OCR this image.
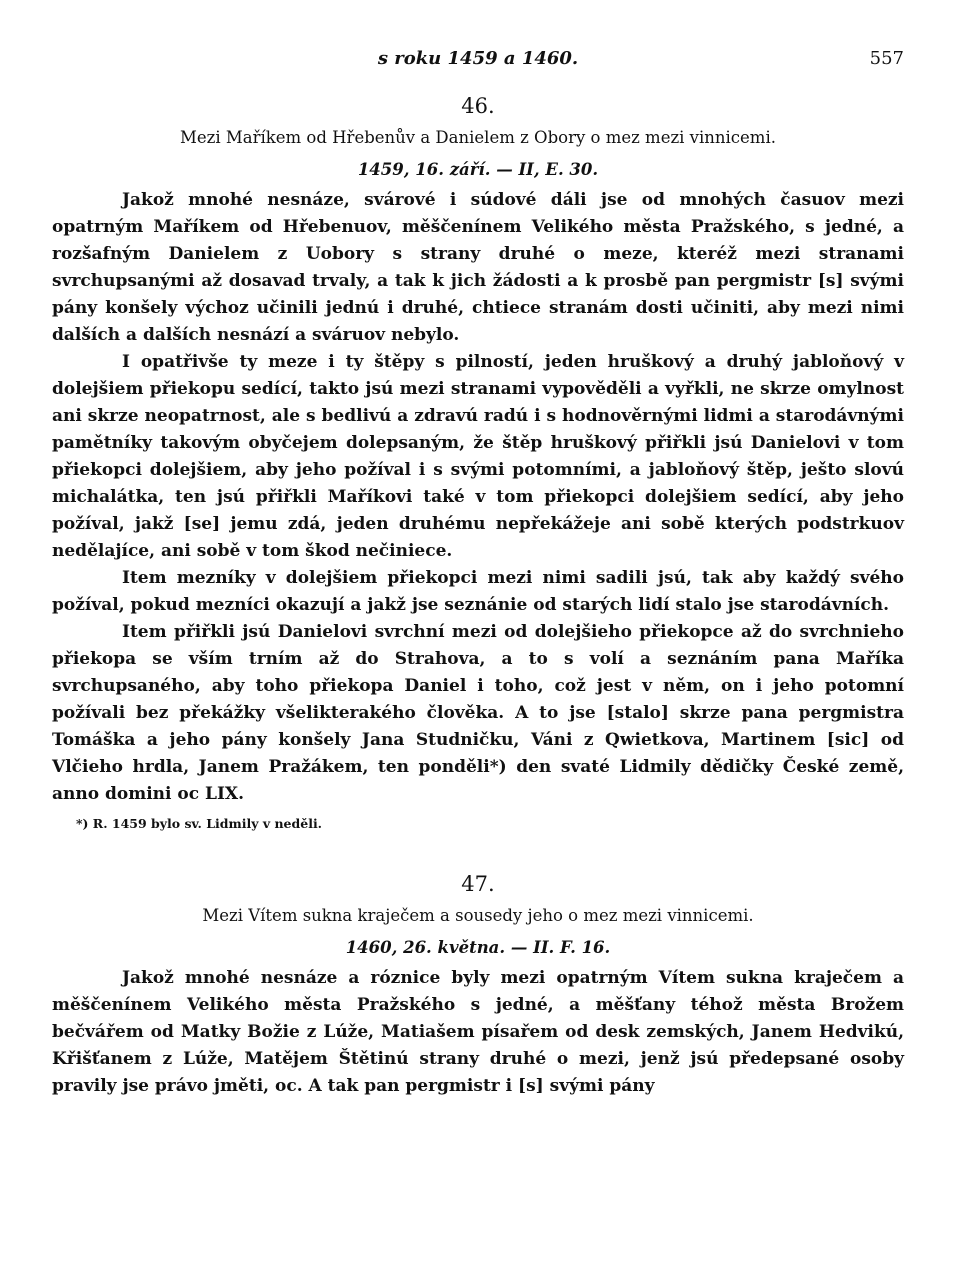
s roku 1459 a 1460.	557
46.
Mezi Maříkem od Hřebenův a Danielem z Obory o mez mezi vinnicemi.
1459, 16. září. — II, E. 30.

Jakož mnohé nesnáze, svárové i súdové dáli jse od mnohých časuov mezi opatrným Maříkem od Hřebenuov, měščenínem Velikého města Pražského, s jedné, a rozšafným Danielem z Uobory s strany druhé o meze, kteréž mezi stranami svrchupsanými až dosavad trvaly, a tak k jich žádosti a k prosbě pan pergmistr [s] svými pány konšely výchoz učinili jednú i druhé, chtiece stranám dosti učiniti, aby mezi nimi dalších a dalších nesnází a sváruov nebylo.

I opatřivše ty meze i ty štěpy s pilností, jeden hruškový a druhý jabloňový v dolejšiem přiekopu sedící, takto jsú mezi stranami vypověděli a vyřkli, ne skrze omylnost ani skrze neopatrnost, ale s bedlivú a zdravú radú i s hodnověrnými lidmi a starodávnými pamětníky takovým obyčejem dolepsaným, že štěp hruškový přiřkli jsú Danielovi v tom přiekopci dolejšiem, aby jeho požíval i s svými potomními, a jabloňový štěp, ješto slovú michalátka, ten jsú přiřkli Maříkovi také v tom přiekopci dolejšiem sedící, aby jeho požíval, jakž [se] jemu zdá, jeden druhému nepřekážeje ani sobě kterých podstrkuov nedělajíce, ani sobě v tom škod nečiniece.

Item mezníky v dolejšiem přiekopci mezi nimi sadili jsú, tak aby každý svého požíval, pokud mezníci okazují a jakž jse seznánie od starých lidí stalo jse starodávních.

Item přiřkli jsú Danielovi svrchní mezi od dolejšieho přiekopce až do svrchnieho přiekopa se vším trním až do Strahova, a to s volí a seznáním pana Maříka svrchupsaného, aby toho přiekopa Daniel i toho, což jest v něm, on i jeho potomní požívali bez překážky všelikterakého člověka. A to jse [stalo] skrze pana pergmistra Tomáška a jeho pány konšely Jana Studničku, Váni z Qwietkova, Martinem [sic] od Vlčieho hrdla, Janem Pražákem, ten ponděli*) den svaté Lidmily dědičky České země, anno domini oc LIX.

*) R. 1459 bylo sv. Lidmily v neděli.
47.
Mezi Vítem sukna kraječem a sousedy jeho o mez mezi vinnicemi.
1460, 26. května. — II. F. 16.

Jakož mnohé nesnáze a róznice byly mezi opatrným Vítem sukna kraječem a měščenínem Velikého města Pražského s jedné, a měšťany téhož města Brožem bečvářem od Matky Božie z Lúže, Matiašem písařem od desk zemských, Janem Hedvikú, Křišťanem z Lúže, Matějem Štětinú strany druhé o mezi, jenž jsú předepsané osoby pravily jse právo jměti, oc. A tak pan pergmistr i [s] svými pány
